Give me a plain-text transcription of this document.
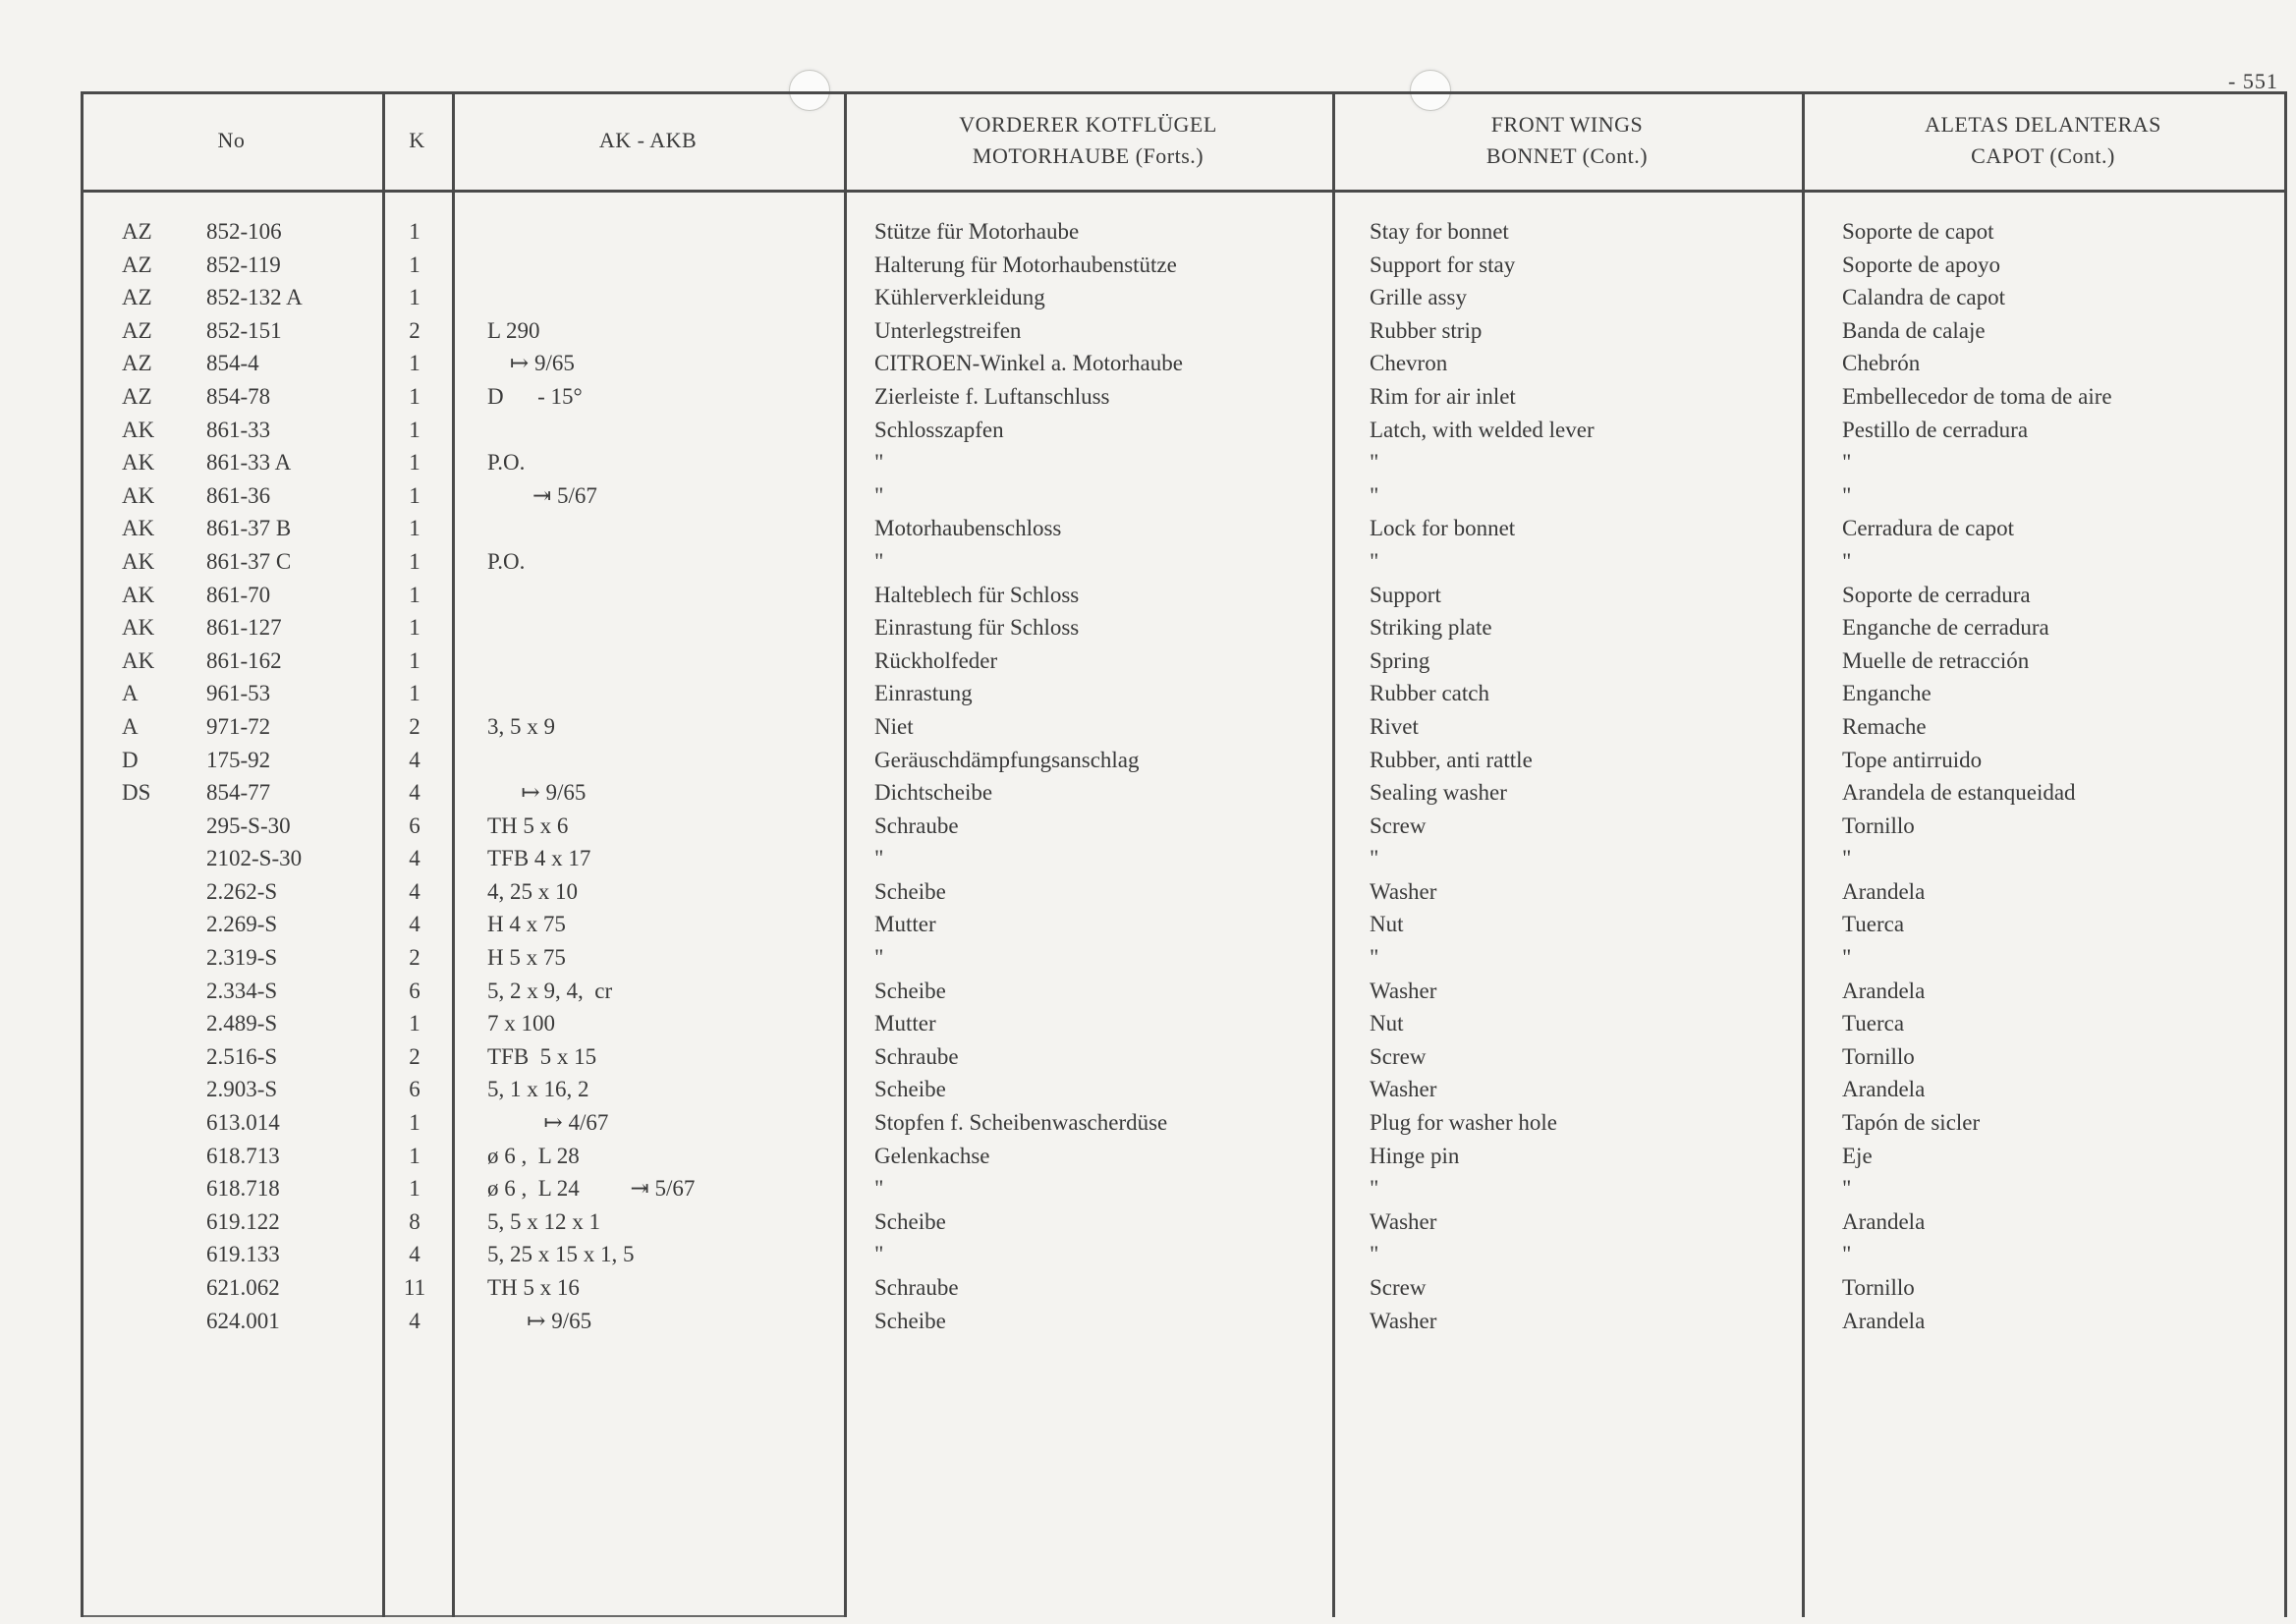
- 551
No	K	AK - AKB
VORDERER KOTFLÜGEL
MOTORHAUBE (Forts.)
FRONT WINGS
BONNET (Cont.)
ALETAS DELANTERAS
CAPOT (Cont.)
AZ
AZ
AZ
AZ
AZ
AZ
AK
AK
AK
AK
AK
AK
AK
AK
A
A
D
DS
852-106
852-119
852-132 A
852-151
854-4
854-78
861-33
861-33 A
861-36
861-37 B
861-37 C
861-70
861-127
861-162
961-53
971-72
175-92
854-77
295-S-30
2102-S-30
2.262-S
2.269-S
2.319-S
2.334-S
2.489-S
2.516-S
2.903-S
613.014
618.713
618.718
619.122
619.133
621.062
624.001
1
1
1
2
1
1
1
1
1
1
1
1
1
1
1
2
4
4
6
4
4
4
2
6
1
2
6
1
1
1
8
4
11
4
L 290
↦ 9/65
D      - 15°
P.O.
⇥ 5/67
P.O.
3, 5 x 9
↦ 9/65
TH 5 x 6
TFB 4 x 17
4, 25 x 10
H 4 x 75
H 5 x 75
5, 2 x 9, 4,  cr
7 x 100
TFB  5 x 15
5, 1 x 16, 2
↦ 4/67
ø 6 ,  L 28
ø 6 ,  L 24         ⇥ 5/67
5, 5 x 12 x 1
5, 25 x 15 x 1, 5
TH 5 x 16
↦ 9/65
Stütze für Motorhaube
Halterung für Motorhaubenstütze
Kühlerverkleidung
Unterlegstreifen
CITROEN-Winkel a. Motorhaube
Zierleiste f. Luftanschluss
Schlosszapfen
"
"
Motorhaubenschloss
"
Halteblech für Schloss
Einrastung für Schloss
Rückholfeder
Einrastung
Niet
Geräuschdämpfungsanschlag
Dichtscheibe
Schraube
"
Scheibe
Mutter
"
Scheibe
Mutter
Schraube
Scheibe
Stopfen f. Scheibenwascherdüse
Gelenkachse
"
Scheibe
"
Schraube
Scheibe
Stay for bonnet
Support for stay
Grille assy
Rubber strip
Chevron
Rim for air inlet
Latch, with welded lever
"
"
Lock for bonnet
"
Support
Striking plate
Spring
Rubber catch
Rivet
Rubber, anti rattle
Sealing washer
Screw
"
Washer
Nut
"
Washer
Nut
Screw
Washer
Plug for washer hole
Hinge pin
"
Washer
"
Screw
Washer
Soporte de capot
Soporte de apoyo
Calandra de capot
Banda de calaje
Chebrón
Embellecedor de toma de aire
Pestillo de cerradura
"
"
Cerradura de capot
"
Soporte de cerradura
Enganche de cerradura
Muelle de retracción
Enganche
Remache
Tope antirruido
Arandela de estanqueidad
Tornillo
"
Arandela
Tuerca
"
Arandela
Tuerca
Tornillo
Arandela
Tapón de sicler
Eje
"
Arandela
"
Tornillo
Arandela
